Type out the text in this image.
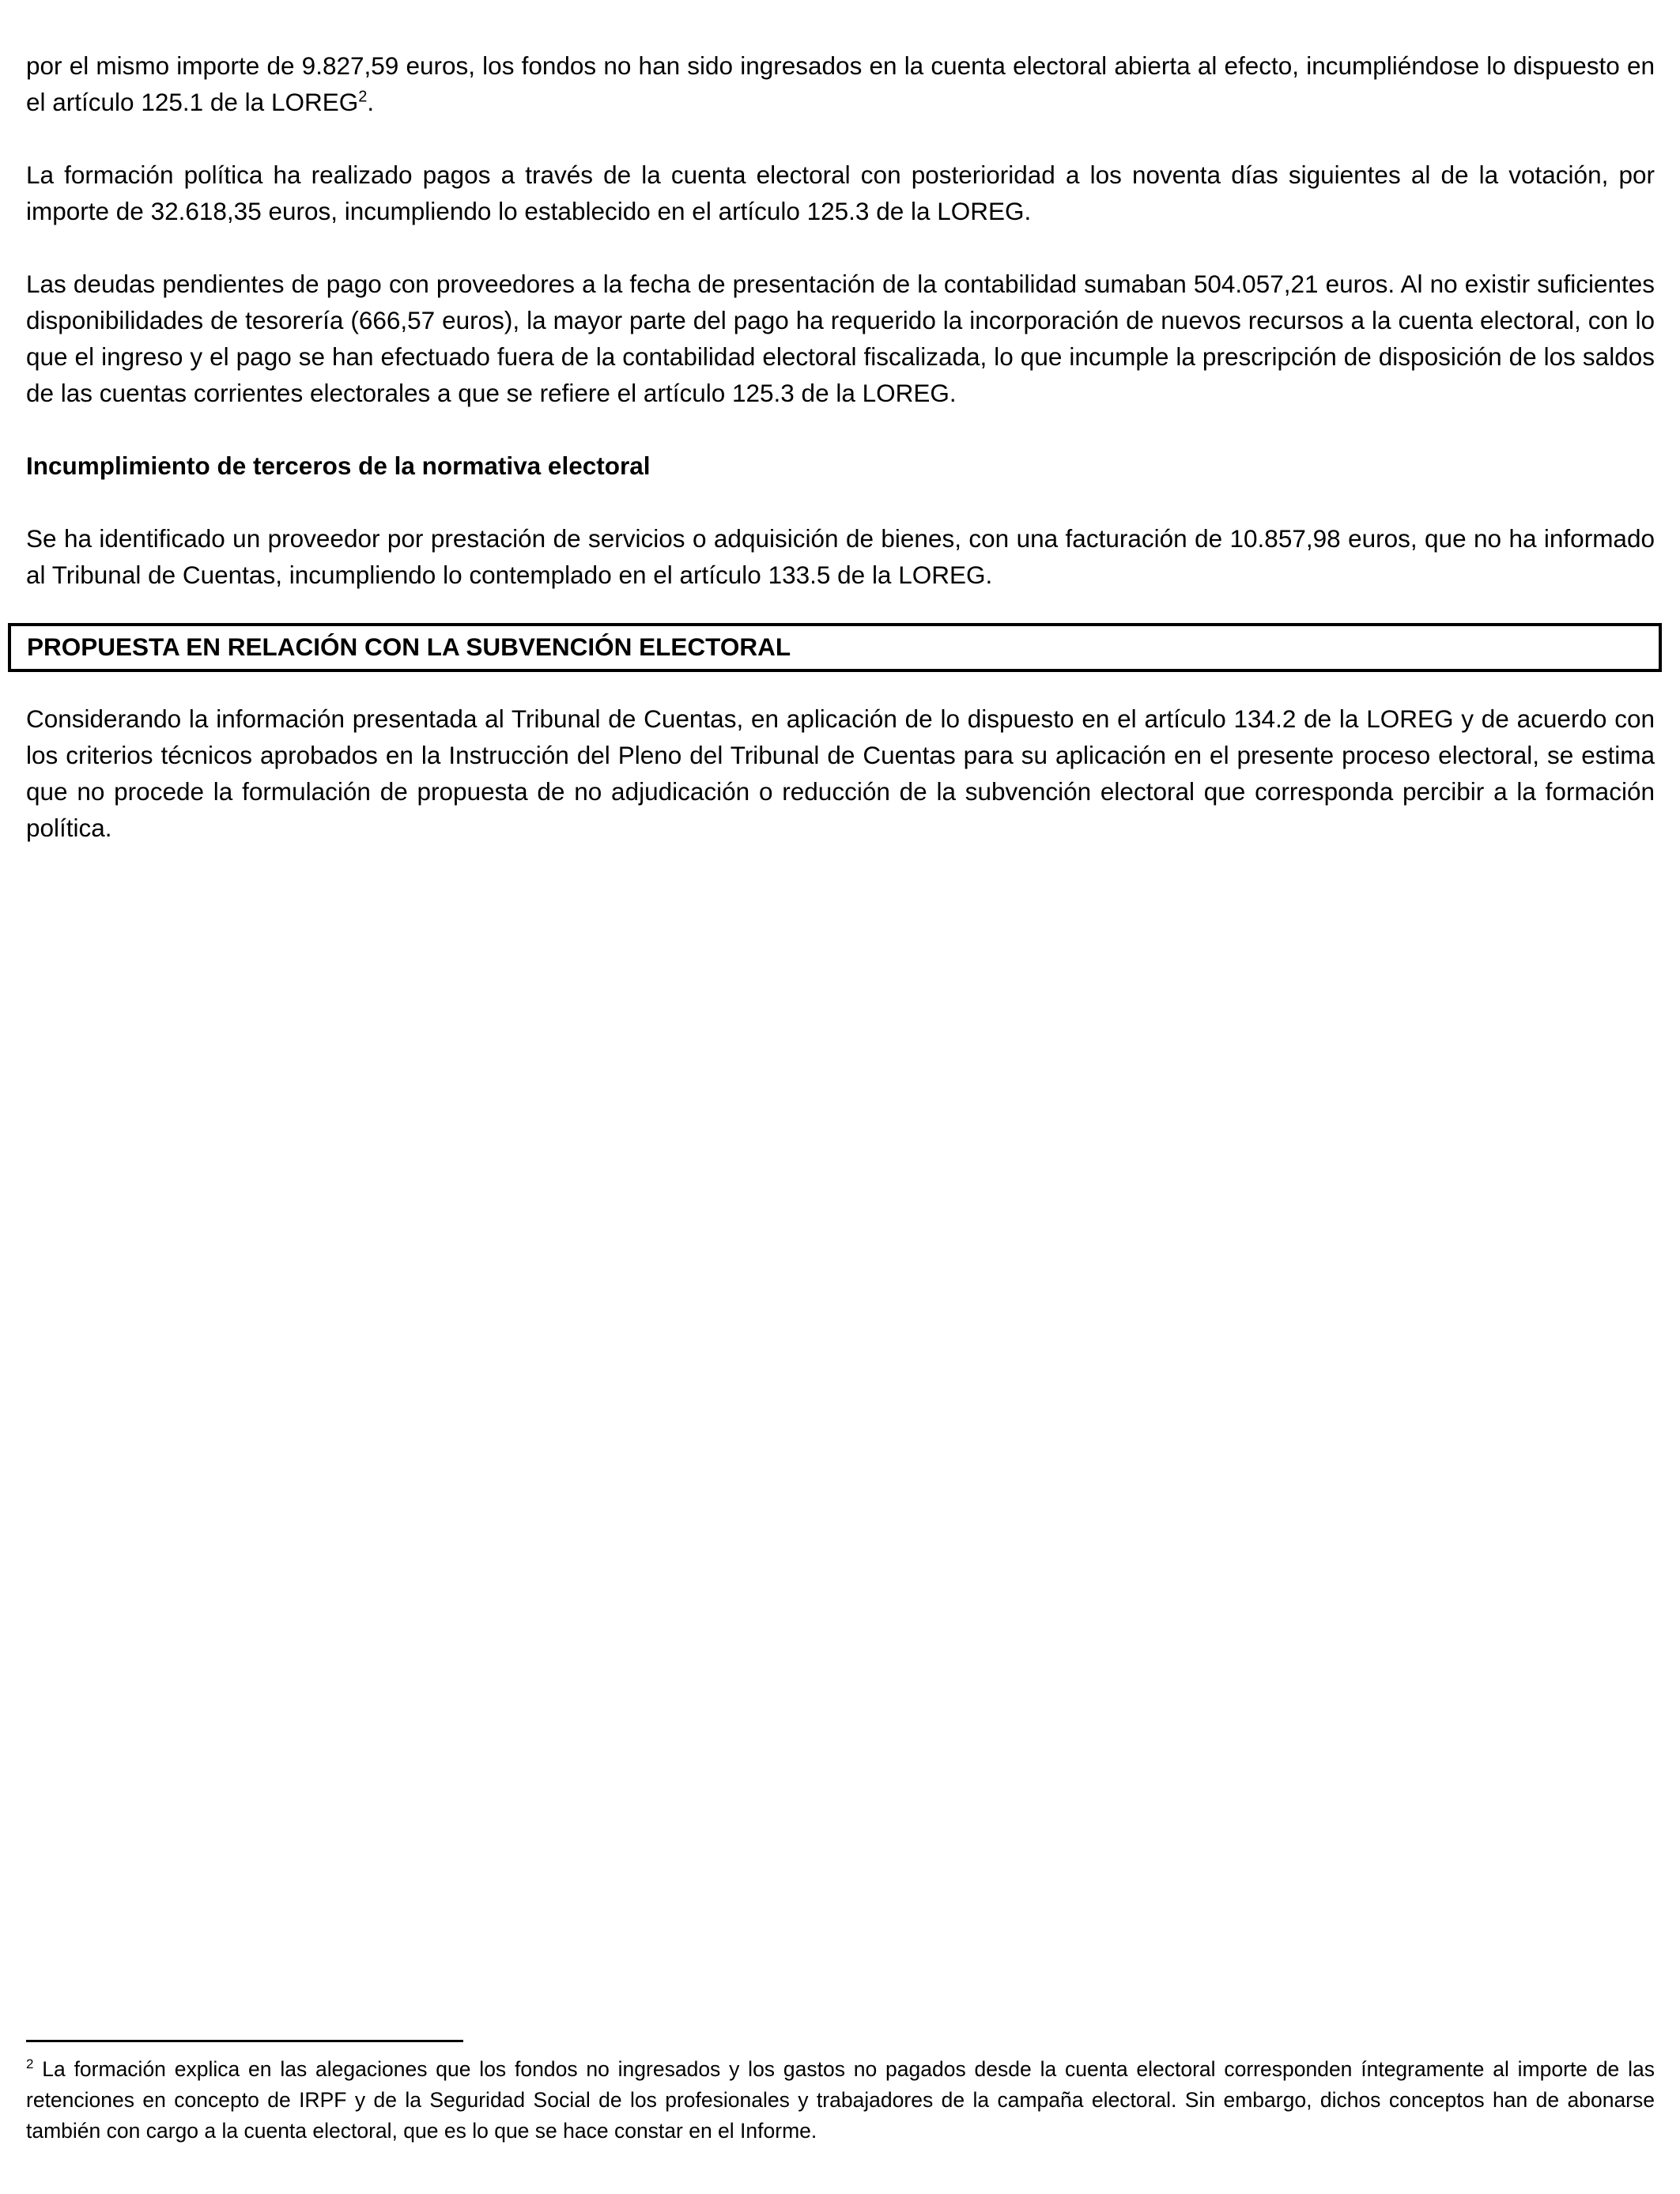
por el mismo importe de 9.827,59 euros, los fondos no han sido ingresados en la cuenta electoral abierta al efecto, incumpliéndose lo dispuesto en el artículo 125.1 de la LOREG$^2$.

La formación política ha realizado pagos a través de la cuenta electoral con posterioridad a los noventa días siguientes al de la votación, por importe de 32.618,35 euros, incumpliendo lo establecido en el artículo 125.3 de la LOREG.

Las deudas pendientes de pago con proveedores a la fecha de presentación de la contabilidad sumaban 504.057,21 euros. Al no existir suficientes disponibilidades de tesorería (666,57 euros), la mayor parte del pago ha requerido la incorporación de nuevos recursos a la cuenta electoral, con lo que el ingreso y el pago se han efectuado fuera de la contabilidad electoral fiscalizada, lo que incumple la prescripción de disposición de los saldos de las cuentas corrientes electorales a que se refiere el artículo 125.3 de la LOREG.

Incumplimiento de terceros de la normativa electoral

Se ha identificado un proveedor por prestación de servicios o adquisición de bienes, con una facturación de 10.857,98 euros, que no ha informado al Tribunal de Cuentas, incumpliendo lo contemplado en el artículo 133.5 de la LOREG.

PROPUESTA EN RELACIÓN CON LA SUBVENCIÓN ELECTORAL

Considerando la información presentada al Tribunal de Cuentas, en aplicación de lo dispuesto en el artículo 134.2 de la LOREG y de acuerdo con los criterios técnicos aprobados en la Instrucción del Pleno del Tribunal de Cuentas para su aplicación en el presente proceso electoral, se estima que no procede la formulación de propuesta de no adjudicación o reducción de la subvención electoral que corresponda percibir a la formación política.

$^2$ La formación explica en las alegaciones que los fondos no ingresados y los gastos no pagados desde la cuenta electoral corresponden íntegramente al importe de las retenciones en concepto de IRPF y de la Seguridad Social de los profesionales y trabajadores de la campaña electoral. Sin embargo, dichos conceptos han de abonarse también con cargo a la cuenta electoral, que es lo que se hace constar en el Informe.
